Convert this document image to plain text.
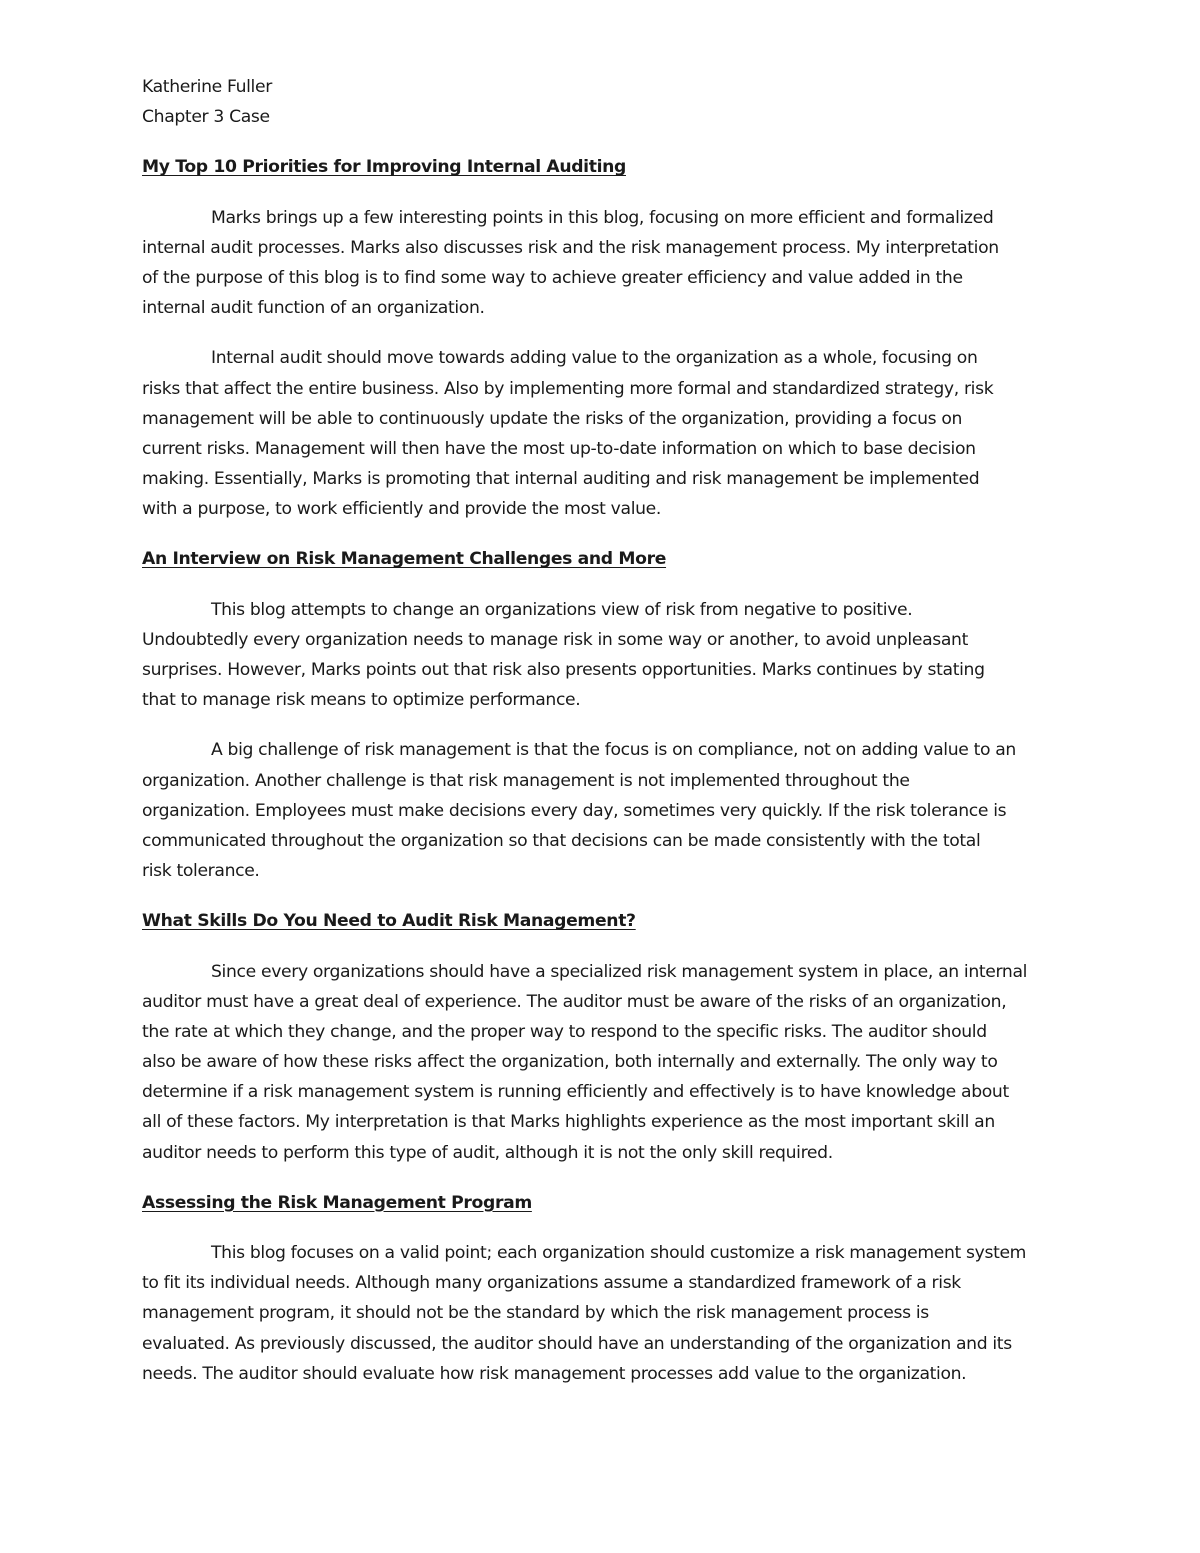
Katherine Fuller
Chapter 3 Case
My Top 10 Priorities for Improving Internal Auditing
Marks brings up a few interesting points in this blog, focusing on more efficient and formalized
internal audit processes. Marks also discusses risk and the risk management process. My interpretation
of the purpose of this blog is to find some way to achieve greater efficiency and value added in the
internal audit function of an organization.
Internal audit should move towards adding value to the organization as a whole, focusing on
risks that affect the entire business. Also by implementing more formal and standardized strategy, risk
management will be able to continuously update the risks of the organization, providing a focus on
current risks. Management will then have the most up-to-date information on which to base decision
making. Essentially, Marks is promoting that internal auditing and risk management be implemented
with a purpose, to work efficiently and provide the most value.
An Interview on Risk Management Challenges and More
This blog attempts to change an organizations view of risk from negative to positive.
Undoubtedly every organization needs to manage risk in some way or another, to avoid unpleasant
surprises. However, Marks points out that risk also presents opportunities. Marks continues by stating
that to manage risk means to optimize performance.
A big challenge of risk management is that the focus is on compliance, not on adding value to an
organization. Another challenge is that risk management is not implemented throughout the
organization. Employees must make decisions every day, sometimes very quickly. If the risk tolerance is
communicated throughout the organization so that decisions can be made consistently with the total
risk tolerance.
What Skills Do You Need to Audit Risk Management?
Since every organizations should have a specialized risk management system in place, an internal
auditor must have a great deal of experience. The auditor must be aware of the risks of an organization,
the rate at which they change, and the proper way to respond to the specific risks. The auditor should
also be aware of how these risks affect the organization, both internally and externally. The only way to
determine if a risk management system is running efficiently and effectively is to have knowledge about
all of these factors. My interpretation is that Marks highlights experience as the most important skill an
auditor needs to perform this type of audit, although it is not the only skill required.
Assessing the Risk Management Program
This blog focuses on a valid point; each organization should customize a risk management system
to fit its individual needs. Although many organizations assume a standardized framework of a risk
management program, it should not be the standard by which the risk management process is
evaluated. As previously discussed, the auditor should have an understanding of the organization and its
needs. The auditor should evaluate how risk management processes add value to the organization.
